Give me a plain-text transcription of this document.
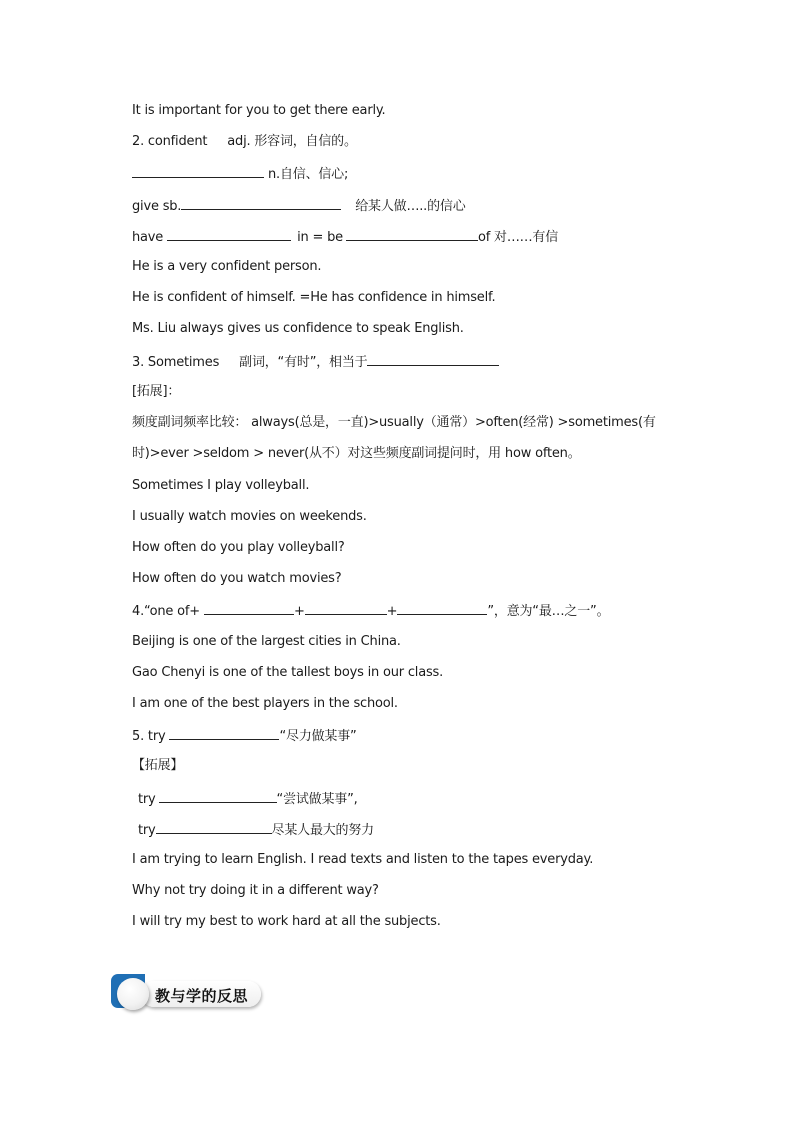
It is important for you to get there early.
2. confident adj. 形容词，自信的。
n.自信、信心;
give sb.	给某人做…..的信心
have	in = be	of 对……有信
He is a very confident person.
He is confident of himself. =He has confidence in himself.
Ms. Liu always gives us confidence to speak English.
3. Sometimes 副词，“有时”，相当于
[拓展]：
频度副词频率比较： always(总是，一直)>usually（通常）>often(经常) >sometimes(有
时)>ever >seldom > never(从不）对这些频度副词提问时，用 how often。
Sometimes I play volleyball.
I usually watch movies on weekends.
How often do you play volleyball?
How often do you watch movies?
4.“one of+	+	+	”，意为“最…之一”。
Beijing is one of the largest cities in China.
Gao Chenyi is one of the tallest boys in our class.
I am one of the best players in the school.
5. try	“尽力做某事”
【拓展】
try	“尝试做某事”,
try	尽某人最大的努力
I am trying to learn English. I read texts and listen to the tapes everyday.
Why not try doing it in a different way?
I will try my best to work hard at all the subjects.
教与学的反思
